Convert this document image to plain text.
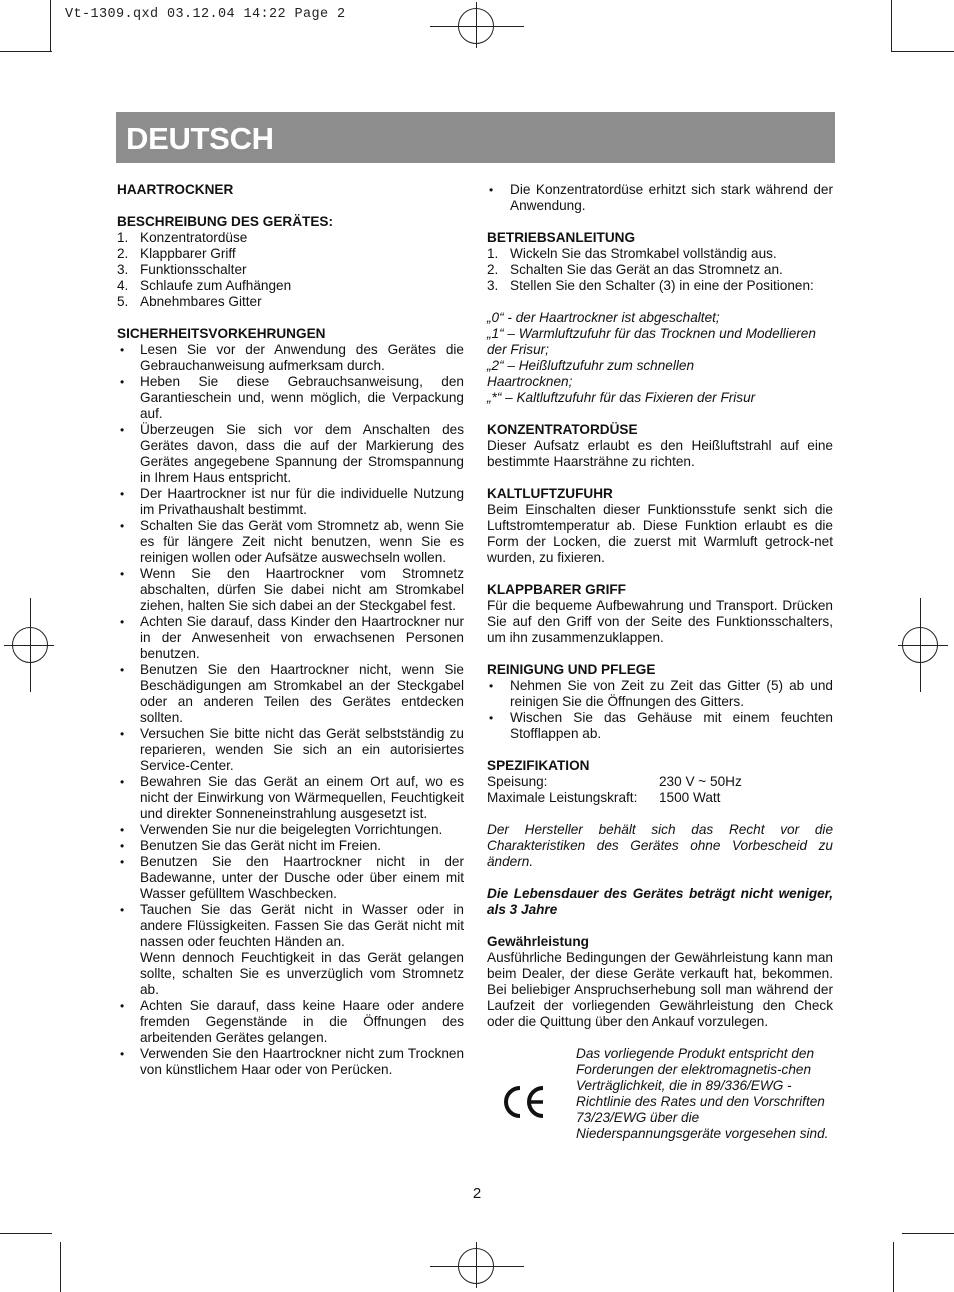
Vt-1309.qxd 03.12.04 14:22 Page 2
DEUTSCH
HAARTROCKNER
BESCHREIBUNG DES GERÄTES:
1. Konzentratordüse
2. Klappbarer Griff
3. Funktionsschalter
4. Schlaufe zum Aufhängen
5. Abnehmbares Gitter
SICHERHEITSVORKEHRUNGEN
• Lesen Sie vor der Anwendung des Gerätes die Gebrauchanweisung aufmerksam durch.
• Heben Sie diese Gebrauchsanweisung, den Garantieschein und, wenn möglich, die Verpackung auf.
• Überzeugen Sie sich vor dem Anschalten des Gerätes davon, dass die auf der Markierung des Gerätes angegebene Spannung der Stromspannung in Ihrem Haus entspricht.
• Der Haartrockner ist nur für die individuelle Nutzung im Privathaushalt bestimmt.
• Schalten Sie das Gerät vom Stromnetz ab, wenn Sie es für längere Zeit nicht benutzen, wenn Sie es reinigen wollen oder Aufsätze auswechseln wollen.
• Wenn Sie den Haartrockner vom Stromnetz abschalten, dürfen Sie dabei nicht am Stromkabel ziehen, halten Sie sich dabei an der Steckgabel fest.
• Achten Sie darauf, dass Kinder den Haartrockner nur in der Anwesenheit von erwachsenen Personen benutzen.
• Benutzen Sie den Haartrockner nicht, wenn Sie Beschädigungen am Stromkabel an der Steckgabel oder an anderen Teilen des Gerätes entdecken sollten.
• Versuchen Sie bitte nicht das Gerät selbstständig zu reparieren, wenden Sie sich an ein autorisiertes Service-Center.
• Bewahren Sie das Gerät an einem Ort auf, wo es nicht der Einwirkung von Wärmequellen, Feuchtigkeit und direkter Sonneneinstrahlung ausgesetzt ist.
• Verwenden Sie nur die beigelegten Vorrichtungen.
• Benutzen Sie das Gerät nicht im Freien.
• Benutzen Sie den Haartrockner nicht in der Badewanne, unter der Dusche oder über einem mit Wasser gefülltem Waschbecken.
• Tauchen Sie das Gerät nicht in Wasser oder in andere Flüssigkeiten. Fassen Sie das Gerät nicht mit nassen oder feuchten Händen an.
Wenn dennoch Feuchtigkeit in das Gerät gelangen sollte, schalten Sie es unverzüglich vom Stromnetz ab.
• Achten Sie darauf, dass keine Haare oder andere fremden Gegenstände in die Öffnungen des arbeitenden Gerätes gelangen.
• Verwenden Sie den Haartrockner nicht zum Trocknen von künstlichem Haar oder von Perücken.
• Die Konzentratordüse erhitzt sich stark während der Anwendung.
BETRIEBSANLEITUNG
1. Wickeln Sie das Stromkabel vollständig aus.
2. Schalten Sie das Gerät an das Stromnetz an.
3. Stellen Sie den Schalter (3) in eine der Positionen:
„0“ - der Haartrockner ist abgeschaltet;
„1“ – Warmluftzufuhr für das Trocknen und Modellieren der Frisur;
„2“ – Heißluftzufuhr zum schnellen Haartrocknen;
„*“ – Kaltluftzufuhr für das Fixieren der Frisur
KONZENTRATORDÜSE
Dieser Aufsatz erlaubt es den Heißluftstrahl auf eine bestimmte Haarsträhne zu richten.
KALTLUFTZUFUHR
Beim Einschalten dieser Funktionsstufe senkt sich die Luftstromtemperatur ab. Diese Funktion erlaubt es die Form der Locken, die zuerst mit Warmluft getrock-net wurden, zu fixieren.
KLAPPBARER GRIFF
Für die bequeme Aufbewahrung und Transport. Drücken Sie auf den Griff von der Seite des Funktionsschalters, um ihn zusammenzuklappen.
REINIGUNG UND PFLEGE
• Nehmen Sie von Zeit zu Zeit das Gitter (5) ab und reinigen Sie die Öffnungen des Gitters.
• Wischen Sie das Gehäuse mit einem feuchten Stofflappen ab.
SPEZIFIKATION
Speisung:	230 V ~ 50Hz
Maximale Leistungskraft:	1500 Watt
Der Hersteller behält sich das Recht vor die Charakteristiken des Gerätes ohne Vorbescheid zu ändern.
Die Lebensdauer des Gerätes beträgt nicht weniger, als 3 Jahre
Gewährleistung
Ausführliche Bedingungen der Gewährleistung kann man beim Dealer, der diese Geräte verkauft hat, bekommen. Bei beliebiger Anspruchserhebung soll man während der Laufzeit der vorliegenden Gewährleistung den Check oder die Quittung über den Ankauf vorzulegen.
Das vorliegende Produkt entspricht den Forderungen der elektromagnetis-chen Verträglichkeit, die in 89/336/EWG -Richtlinie des Rates und den Vorschriften 73/23/EWG über die Niederspannungsgeräte vorgesehen sind.
2
